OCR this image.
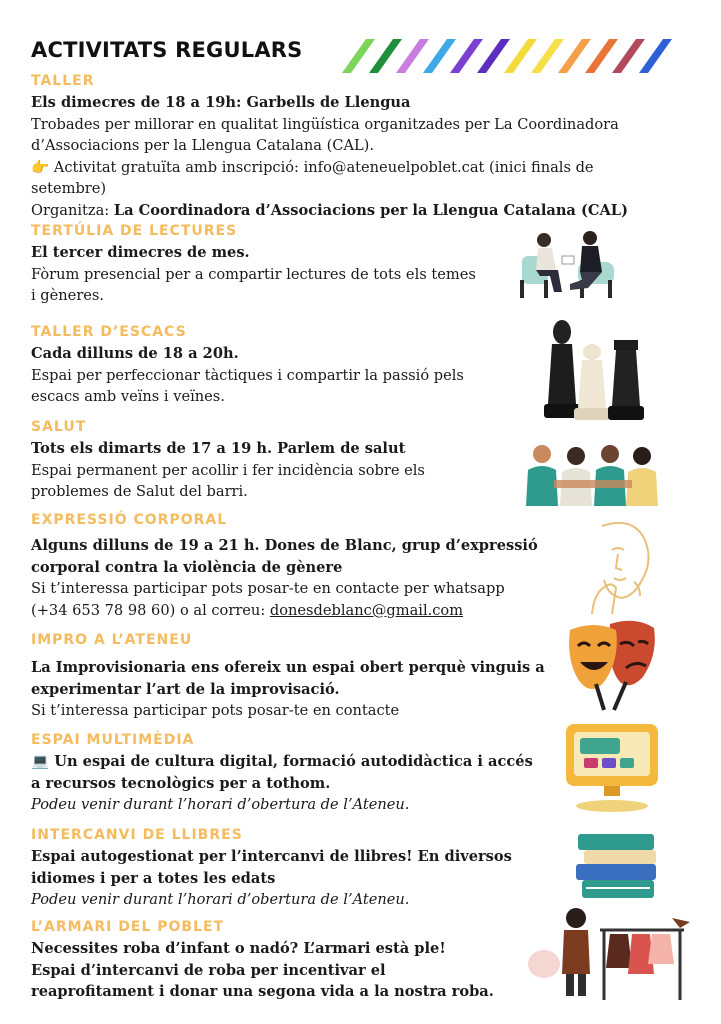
ACTIVITATS REGULARS
TALLER

Els dimecres de 18 a 19h: Garbells de Llengua

Trobades per millorar en qualitat lingüística organitzades per La Coordinadora d’Associacions per la Llengua Catalana (CAL).

👉 Activitat gratuïta amb inscripció: info@ateneuelpoblet.cat (inici finals de setembre)

Organitza: La Coordinadora d’Associacions per la Llengua Catalana (CAL)

TERTÚLIA DE LECTURES

El tercer dimecres de mes.

Fòrum presencial per a compartir lectures de tots els temes

i gèneres.

TALLER D’ESCACS

Cada dilluns de 18 a 20h.

Espai per perfeccionar tàctiques i compartir la passió pels

escacs amb veïns i veïnes.

SALUT

Tots els dimarts de 17 a 19 h. Parlem de salut

Espai permanent per acollir i fer incidència sobre els

problemes de Salut del barri.

EXPRESSIÓ CORPORAL

Alguns dilluns de 19 a 21 h. Dones de Blanc, grup d’expressió

corporal contra la violència de gènere

Si t’interessa participar pots posar-te en contacte per whatsapp

(+34 653 78 98 60) o al correu: donesdeblanc@gmail.com

IMPRO A L’ATENEU

La Improvisionaria ens ofereix un espai obert perquè vinguis a

experimentar l’art de la improvisació.

Si t’interessa participar pots posar-te en contacte

ESPAI MULTIMÈDIA

💻 Un espai de cultura digital, formació autodidàctica i accés

a recursos tecnològics per a tothom.

Podeu venir durant l’horari d’obertura de l’Ateneu.

INTERCANVI DE LLIBRES

Espai autogestionat per l’intercanvi de llibres! En diversos

idiomes i per a totes les edats

Podeu venir durant l’horari d’obertura de l’Ateneu.

L’ARMARI DEL POBLET

Necessites roba d’infant o nadó? L’armari està ple!

Espai d’intercanvi de roba per incentivar el

reaprofitament i donar una segona vida a la nostra roba.
